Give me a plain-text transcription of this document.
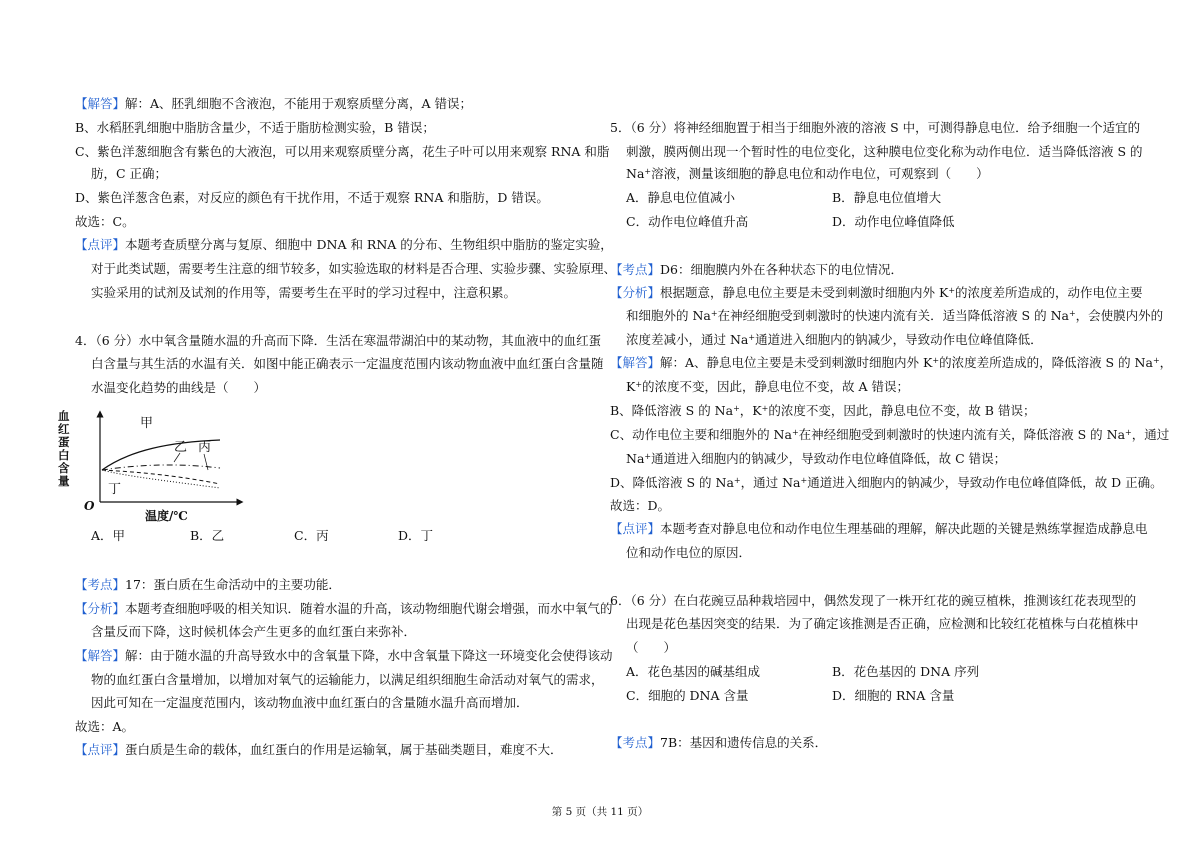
【解答】解：A、胚乳细胞不含液泡，不能用于观察质壁分离，A 错误；
B、水稻胚乳细胞中脂肪含量少，不适于脂肪检测实验，B 错误；
C、紫色洋葱细胞含有紫色的大液泡，可以用来观察质壁分离，花生子叶可以用来观察 RNA 和脂
肪，C 正确；
D、紫色洋葱含色素，对反应的颜色有干扰作用，不适于观察 RNA 和脂肪，D 错误。
故选：C。
【点评】本题考查质壁分离与复原、细胞中 DNA 和 RNA 的分布、生物组织中脂肪的鉴定实验，
对于此类试题，需要考生注意的细节较多，如实验选取的材料是否合理、实验步骤、实验原理、
实验采用的试剂及试剂的作用等，需要考生在平时的学习过程中，注意积累。
4．（6 分）水中氧含量随水温的升高而下降．生活在寒温带湖泊中的某动物，其血液中的血红蛋
白含量与其生活的水温有关．如图中能正确表示一定温度范围内该动物血液中血红蛋白含量随
水温变化趋势的曲线是（　　）
血红蛋白含量
温度/℃
O
甲
乙 丙
丁
A．甲	B．乙	C．丙	D．丁
【考点】17：蛋白质在生命活动中的主要功能．
【分析】本题考查细胞呼吸的相关知识．随着水温的升高，该动物细胞代谢会增强，而水中氧气的
含量反而下降，这时候机体会产生更多的血红蛋白来弥补．
【解答】解：由于随水温的升高导致水中的含氧量下降，水中含氧量下降这一环境变化会使得该动
物的血红蛋白含量增加，以增加对氧气的运输能力，以满足组织细胞生命活动对氧气的需求，
因此可知在一定温度范围内，该动物血液中血红蛋白的含量随水温升高而增加．
故选：A。
【点评】蛋白质是生命的载体，血红蛋白的作用是运输氧，属于基础类题目，难度不大．
5．（6 分）将神经细胞置于相当于细胞外液的溶液 S 中，可测得静息电位．给予细胞一个适宜的
刺激，膜两侧出现一个暂时性的电位变化，这种膜电位变化称为动作电位．适当降低溶液 S 的
Na+溶液，测量该细胞的静息电位和动作电位，可观察到（　　）
A．静息电位值减小	B．静息电位值增大
C．动作电位峰值升高	D．动作电位峰值降低
【考点】D6：细胞膜内外在各种状态下的电位情况．
【分析】根据题意，静息电位主要是未受到刺激时细胞内外 K+的浓度差所造成的，动作电位主要
和细胞外的 Na+在神经细胞受到刺激时的快速内流有关．适当降低溶液 S 的 Na+，会使膜内外的
浓度差减小，通过 Na+通道进入细胞内的钠减少，导致动作电位峰值降低．
【解答】解：A、静息电位主要是未受到刺激时细胞内外 K+的浓度差所造成的，降低溶液 S 的 Na+，
K+的浓度不变，因此，静息电位不变，故 A 错误；
B、降低溶液 S 的 Na+，K+的浓度不变，因此，静息电位不变，故 B 错误；
C、动作电位主要和细胞外的 Na+在神经细胞受到刺激时的快速内流有关，降低溶液 S 的 Na+，通过
Na+通道进入细胞内的钠减少，导致动作电位峰值降低，故 C 错误；
D、降低溶液 S 的 Na+，通过 Na+通道进入细胞内的钠减少，导致动作电位峰值降低，故 D 正确。
故选：D。
【点评】本题考查对静息电位和动作电位生理基础的理解，解决此题的关键是熟练掌握造成静息电
位和动作电位的原因．
6．（6 分）在白花豌豆品种栽培园中，偶然发现了一株开红花的豌豆植株，推测该红花表现型的
出现是花色基因突变的结果．为了确定该推测是否正确，应检测和比较红花植株与白花植株中
（　　）
A．花色基因的碱基组成	B．花色基因的 DNA 序列
C．细胞的 DNA 含量	D．细胞的 RNA 含量
【考点】7B：基因和遗传信息的关系．
第 5 页（共 11 页）
